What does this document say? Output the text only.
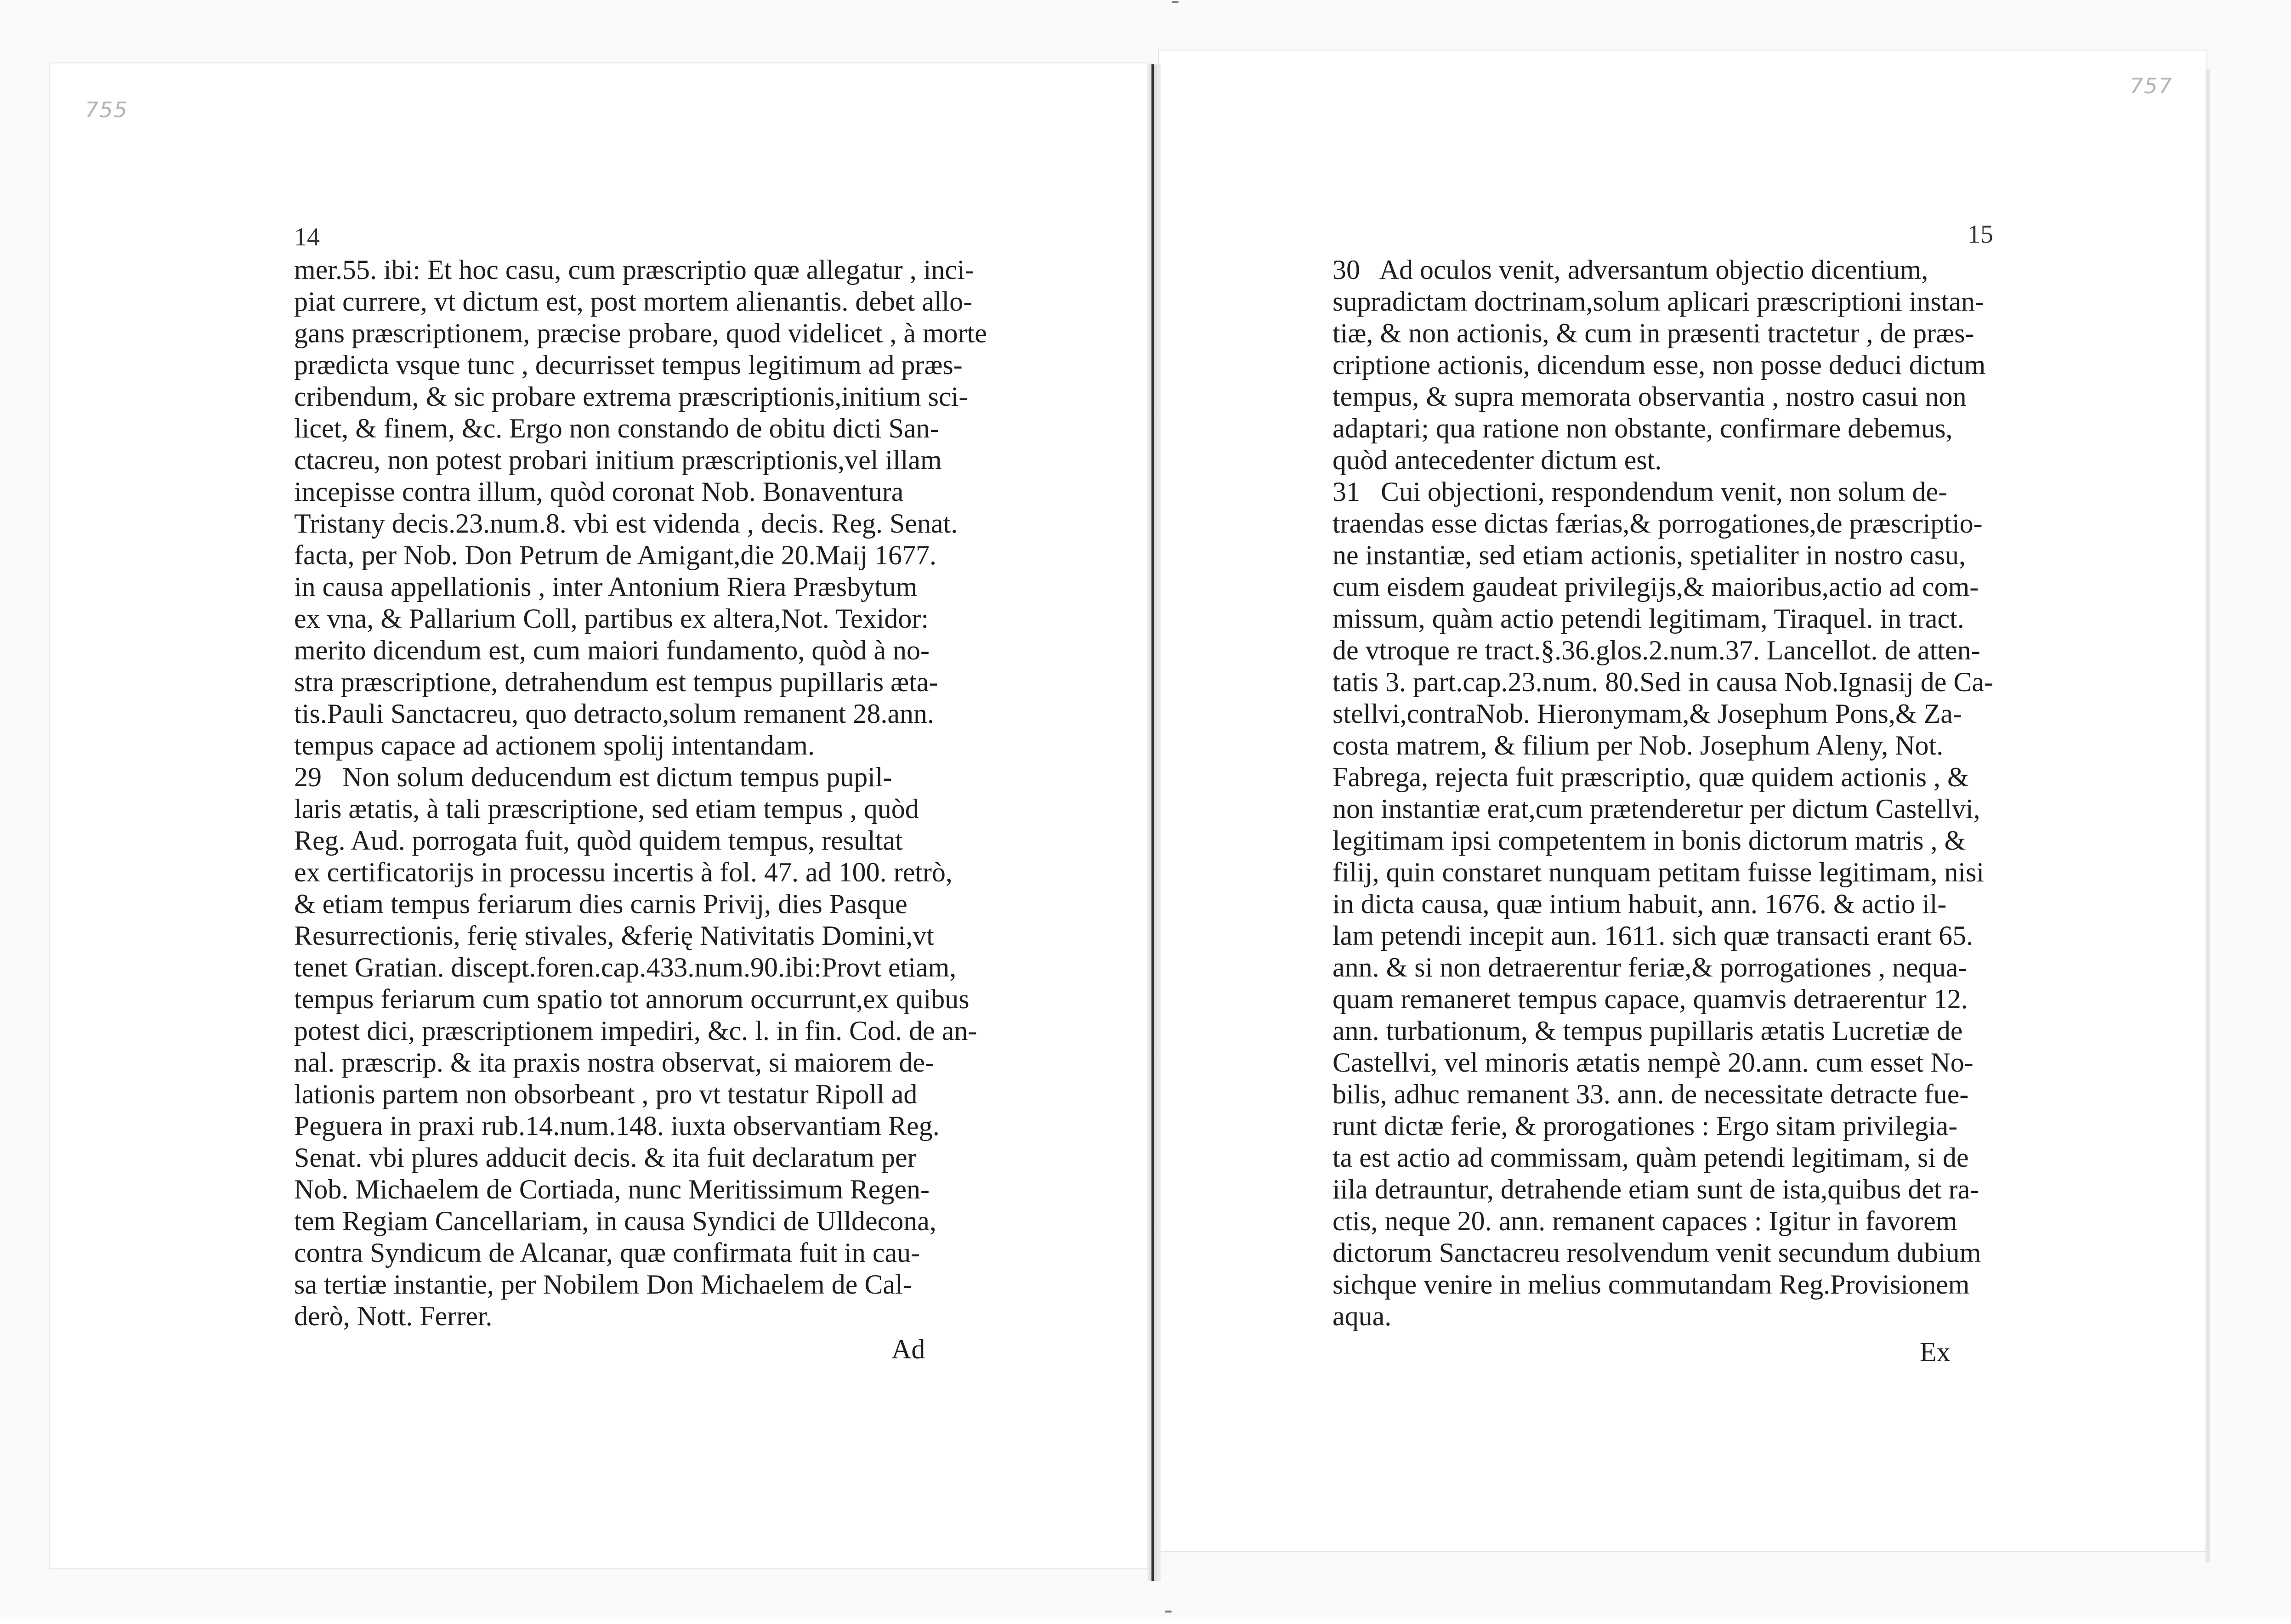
-
-
755
757
14	15
mer.55. ibi: Et hoc casu, cum præscriptio quæ allegatur , inci-
piat currere, vt dictum est, post mortem alienantis. debet allo-
gans præscriptionem, præcise probare, quod videlicet , à morte
prædicta vsque tunc , decurrisset tempus legitimum ad præs-
cribendum, & sic probare extrema præscriptionis,initium sci-
licet, & finem, &c. Ergo non constando de obitu dicti San-
ctacreu, non potest probari initium præscriptionis,vel illam
incepisse contra illum, quòd coronat Nob. Bonaventura
Tristany decis.23.num.8. vbi est videnda , decis. Reg. Senat.
facta, per Nob. Don Petrum de Amigant,die 20.Maij 1677.
in causa appellationis , inter Antonium Riera Præsbytum
ex vna, & Pallarium Coll, partibus ex altera,Not. Texidor:
merito dicendum est, cum maiori fundamento, quòd à no-
stra præscriptione, detrahendum est tempus pupillaris æta-
tis.Pauli Sanctacreu, quo detracto,solum remanent 28.ann.
tempus capace ad actionem spolij intentandam.
29   Non solum deducendum est dictum tempus pupil-
laris ætatis, à tali præscriptione, sed etiam tempus , quòd
Reg. Aud. porrogata fuit, quòd quidem tempus, resultat
ex certificatorijs in processu incertis à fol. 47. ad 100. retrò,
& etiam tempus feriarum dies carnis Privij, dies Pasque
Resurrectionis, ferię stivales, &ferię Nativitatis Domini,vt
tenet Gratian. discept.foren.cap.433.num.90.ibi:Provt etiam,
tempus feriarum cum spatio tot annorum occurrunt,ex quibus
potest dici, præscriptionem impediri, &c. l. in fin. Cod. de an-
nal. præscrip. & ita praxis nostra observat, si maiorem de-
lationis partem non obsorbeant , pro vt testatur Ripoll ad
Peguera in praxi rub.14.num.148. iuxta observantiam Reg.
Senat. vbi plures adducit decis. & ita fuit declaratum per
Nob. Michaelem de Cortiada, nunc Meritissimum Regen-
tem Regiam Cancellariam, in causa Syndici de Ulldecona,
contra Syndicum de Alcanar, quæ confirmata fuit in cau-
sa tertiæ instantie, per Nobilem Don Michaelem de Cal-
derò, Nott. Ferrer.
30   Ad oculos venit, adversantum objectio dicentium,
supradictam doctrinam,solum aplicari præscriptioni instan-
tiæ, & non actionis, & cum in præsenti tractetur , de præs-
criptione actionis, dicendum esse, non posse deduci dictum
tempus, & supra memorata observantia , nostro casui non
adaptari; qua ratione non obstante, confirmare debemus,
quòd antecedenter dictum est.
31   Cui objectioni, respondendum venit, non solum de-
traendas esse dictas færias,& porrogationes,de præscriptio-
ne instantiæ, sed etiam actionis, spetialiter in nostro casu,
cum eisdem gaudeat privilegijs,& maioribus,actio ad com-
missum, quàm actio petendi legitimam, Tiraquel. in tract.
de vtroque re tract.§.36.glos.2.num.37. Lancellot. de atten-
tatis 3. part.cap.23.num. 80.Sed in causa Nob.Ignasij de Ca-
stellvi,contraNob. Hieronymam,& Josephum Pons,& Za-
costa matrem, & filium per Nob. Josephum Aleny, Not.
Fabrega, rejecta fuit præscriptio, quæ quidem actionis , &
non instantiæ erat,cum prætenderetur per dictum Castellvi,
legitimam ipsi competentem in bonis dictorum matris , &
filij, quin constaret nunquam petitam fuisse legitimam, nisi
in dicta causa, quæ intium habuit, ann. 1676. & actio il-
lam petendi incepit aun. 1611. sich quæ transacti erant 65.
ann. & si non detraerentur feriæ,& porrogationes , nequa-
quam remaneret tempus capace, quamvis detraerentur 12.
ann. turbationum, & tempus pupillaris ætatis Lucretiæ de
Castellvi, vel minoris ætatis nempè 20.ann. cum esset No-
bilis, adhuc remanent 33. ann. de necessitate detracte fue-
runt dictæ ferie, & prorogationes : Ergo sitam privilegia-
ta est actio ad commissam, quàm petendi legitimam, si de
iila detrauntur, detrahende etiam sunt de ista,quibus det ra-
ctis, neque 20. ann. remanent capaces : Igitur in favorem
dictorum Sanctacreu resolvendum venit secundum dubium
sichque venire in melius commutandam Reg.Provisionem
aqua.
Ad	Ex
